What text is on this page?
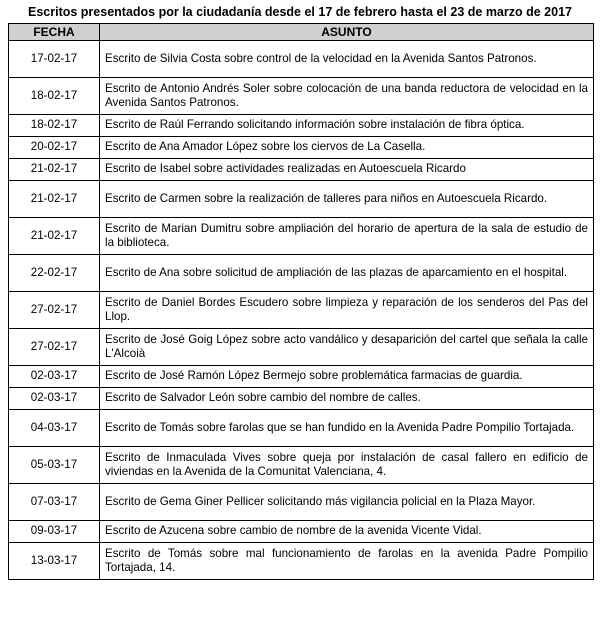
Escritos presentados por la ciudadanía desde el 17 de febrero hasta el 23 de marzo de 2017
FECHA	ASUNTO
17-02-17	Escrito de Silvia Costa sobre control de la velocidad en la Avenida Santos Patronos.
18-02-17	Escrito de Antonio Andrés Soler sobre colocación de una banda reductora de velocidad en la Avenida Santos Patronos.
18-02-17	Escrito de Raúl Ferrando solicitando información sobre instalación de fibra óptica.
20-02-17	Escrito de Ana Amador López sobre los ciervos de La Casella.
21-02-17	Escrito de Isabel sobre actividades realizadas en Autoescuela Ricardo
21-02-17	Escrito de Carmen sobre la realización de talleres para niños en Autoescuela Ricardo.
21-02-17	Escrito de Marian Dumitru sobre ampliación del horario de apertura de la sala de estudio de la biblioteca.
22-02-17	Escrito de Ana sobre solicitud de ampliación de las plazas de aparcamiento en el hospital.
27-02-17	Escrito de Daniel Bordes Escudero sobre limpieza y reparación de los senderos del Pas del Llop.
27-02-17	Escrito de José Goig López sobre acto vandálico y desaparición del cartel que señala la calle L'Alcoià
02-03-17	Escrito de José Ramón López Bermejo sobre problemática farmacias de guardia.
02-03-17	Escrito de Salvador León sobre cambio del nombre de calles.
04-03-17	Escrito de Tomás sobre farolas que se han fundido en la Avenida Padre Pompilio Tortajada.
05-03-17	Escrito de Inmaculada Vives sobre queja por instalación de casal fallero en edificio de viviendas en la Avenida de la Comunitat Valenciana, 4.
07-03-17	Escrito de Gema Giner Pellicer solicitando más vigilancia policial en la Plaza Mayor.
09-03-17	Escrito de Azucena sobre cambio de nombre de la avenida Vicente Vidal.
13-03-17	Escrito de Tomás sobre mal funcionamiento de farolas en la avenida Padre Pompilio Tortajada, 14.
